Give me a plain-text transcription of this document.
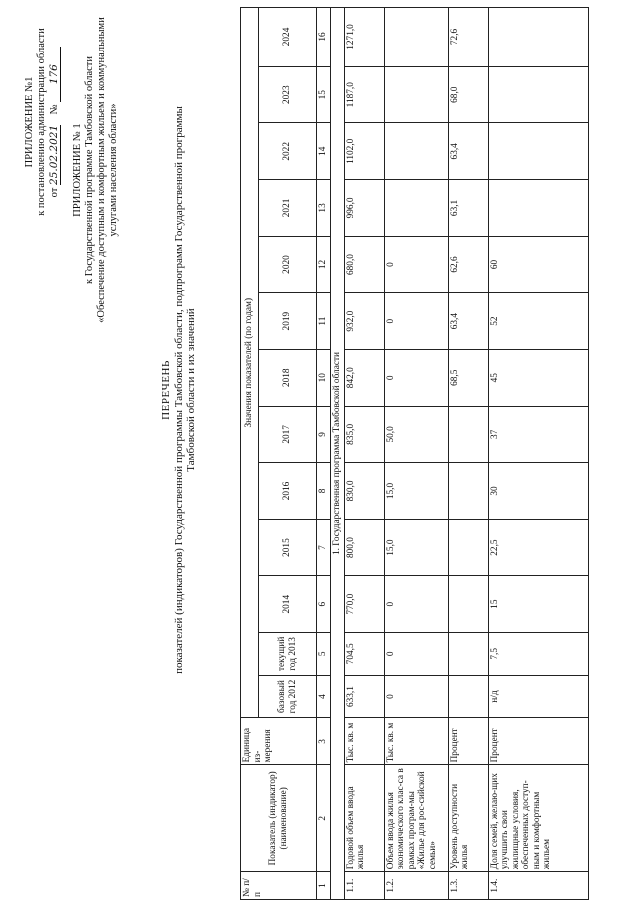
ПРИЛОЖЕНИЕ №1 к постановлению администрации области от 25.02.2021    № 176
ПРИЛОЖЕНИЕ № 1 к Государственной программе Тамбовской области «Обеспечение доступным и комфортным жильем и коммунальными услугами населения области»
ПЕРЕЧЕНЬ показателей (индикаторов) Государственной программы Тамбовской области, подпрограмм Государственной программы Тамбовской области и их значений
№ п/п	Показатель (индикатор) (наименование)	Единица из-мерения	Значения показателей (по годам)												
			базовый год 2012	текущий год 2013	2014	2015	2016	2017	2018	2019	2020	2021	2022	2023	2024
1	2	3	4	5	6	7	8	9	10	11	12	13	14	15	16
1. Государственная программа Тамбовской области															
1.1.	Годовой объем ввода жилья	Тыс. кв. м	633,1	704,5	770,0	800,0	830,0	835,0	842,0	932,0	680,0	996,0	1102,0	1187,0	1271,0
1.2.	Объем ввода жилья экономического клас-са в рамках програм-мы «Жилье для рос-сийской семьи»	Тыс. кв. м	0	0	0	15,0	15,0	50,0	0	0	0				
1.3.	Уровень доступности жилья	Процент							68,5	63,4	62,6	63,1	63,4	68,0	72,6
1.4.	Доля семей, желаю-щих улучшить свои жилищные условия, обеспеченных доступ-ным и комфортным жильем	Процент	н/д	7,5	15	22,5	30	37	45	52	60				
